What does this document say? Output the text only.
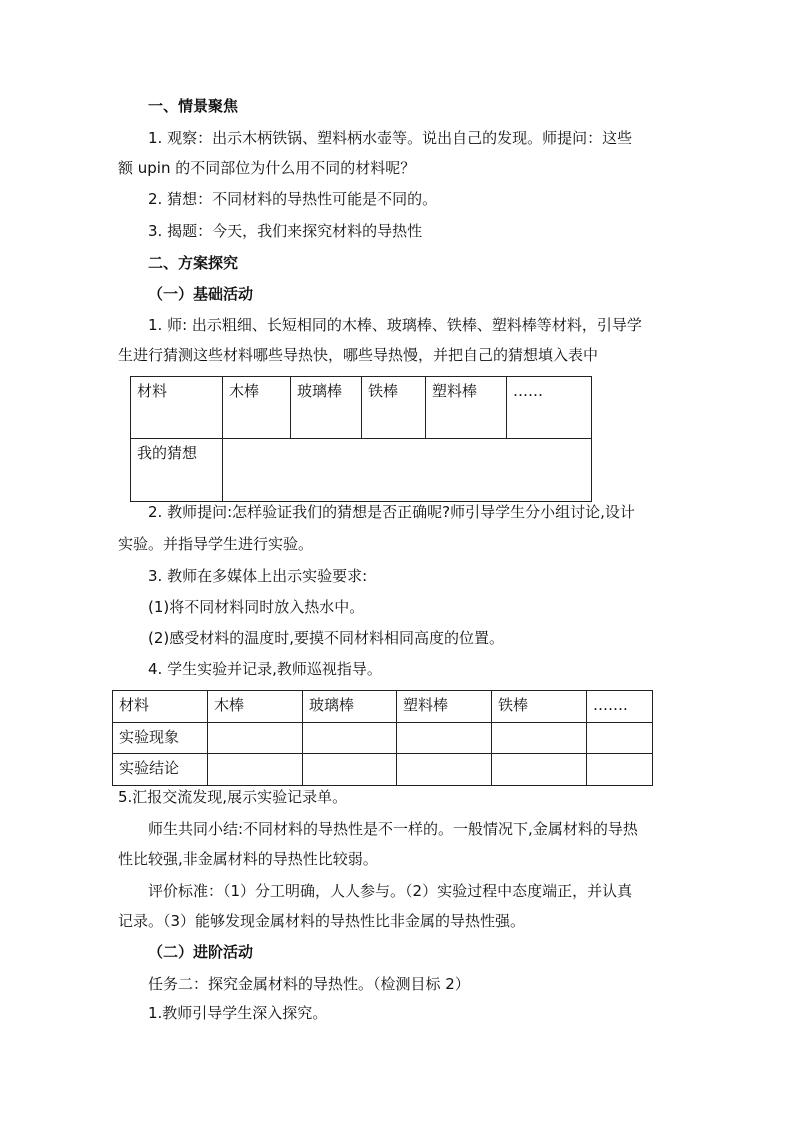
一、情景聚焦
1. 观察：出示木柄铁锅、塑料柄水壶等。说出自己的发现。师提问：这些
额 upin 的不同部位为什么用不同的材料呢？
2. 猜想：不同材料的导热性可能是不同的。
3. 揭题：今天，我们来探究材料的导热性
二、方案探究
（一）基础活动
1. 师: 出示粗细、长短相同的木棒、玻璃棒、铁棒、塑料棒等材料，引导学
生进行猜测这些材料哪些导热快，哪些导热慢，并把自己的猜想填入表中
材料	木棒	玻璃棒	铁棒	塑料棒	……
我的猜想					
2. 教师提问:怎样验证我们的猜想是否正确呢?师引导学生分小组讨论,设计
实验。并指导学生进行实验。
3. 教师在多媒体上出示实验要求:
(1)将不同材料同时放入热水中。
(2)感受材料的温度时,要摸不同材料相同高度的位置。
4. 学生实验并记录,教师巡视指导。
材料	木棒	玻璃棒	塑料棒	铁棒	…….
实验现象					
实验结论					
5.汇报交流发现,展示实验记录单。
师生共同小结:不同材料的导热性是不一样的。一般情况下,金属材料的导热
性比较强,非金属材料的导热性比较弱。
评价标准：（1）分工明确，人人参与。（2）实验过程中态度端正，并认真
记录。（3）能够发现金属材料的导热性比非金属的导热性强。
（二）进阶活动
任务二：探究金属材料的导热性。（检测目标 2）
1.教师引导学生深入探究。
